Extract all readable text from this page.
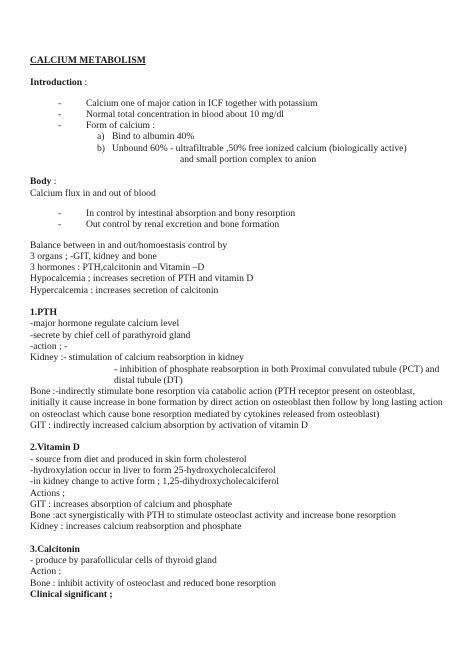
CALCIUM METABOLISM

Introduction :

-	Calcium one of major cation in ICF together with potassium
-	Normal total concentration in blood about 10 mg/dl
-	Form of calcium :
a) Bind to albumin 40%
b) Unbound 60% - ultrafiltrable ,50% free ionized calcium (biologically active)
and small portion complex to anion

Body :

Calcium flux in and out of blood

-	In control by intestinal absorption and bony resorption
-	Out control by renal excretion and bone formation

Balance between in and out/homoestasis control by

3 organs ; -GIT, kidney and bone

3 hormones : PTH,calcitonin and Vitamin –D

Hypocalcemia ; increases secretion of PTH and vitamin D

Hypercalcemia : increases secretion of calcitonin

1.PTH

-major hormone regulate calcium level

-secrete by chief cell of parathyroid gland

-action ; -

Kidney :- stimulation of calcium reabsorption in kidney

- inhibition of phosphate reabsorption in both Proximal convulated tubule (PCT) and
distal tubule (DT)

Bone :-indirectly stimulate bone resorption via catabolic action (PTH receptor present on osteoblast, initially it cause increase in bone formation by direct action on osteoblast then follow by long lasting action on osteoclast which cause bone resorption mediated by cytokines released from osteoblast)

GIT : indirectly increased calcium absorption by activation of vitamin D

2.Vitamin D

- source from diet and produced in skin form cholesterol

-hydroxylation occur in liver to form 25-hydroxycholecalciferol

-in kidney change to active form ; 1,25-dihydroxycholecalciferol

Actions ;

GIT : increases absorption of calcium and phosphate

Bone :act synergistically with PTH to stimulate osteoclast activity and increase bone resorption

Kidney : increases calcium reabsorption and phosphate

3.Calcitonin

- produce by parafollicular cells of thyroid gland

Action :

Bone : inhibit activity of osteoclast and reduced bone resorption

Clinical significant ;
